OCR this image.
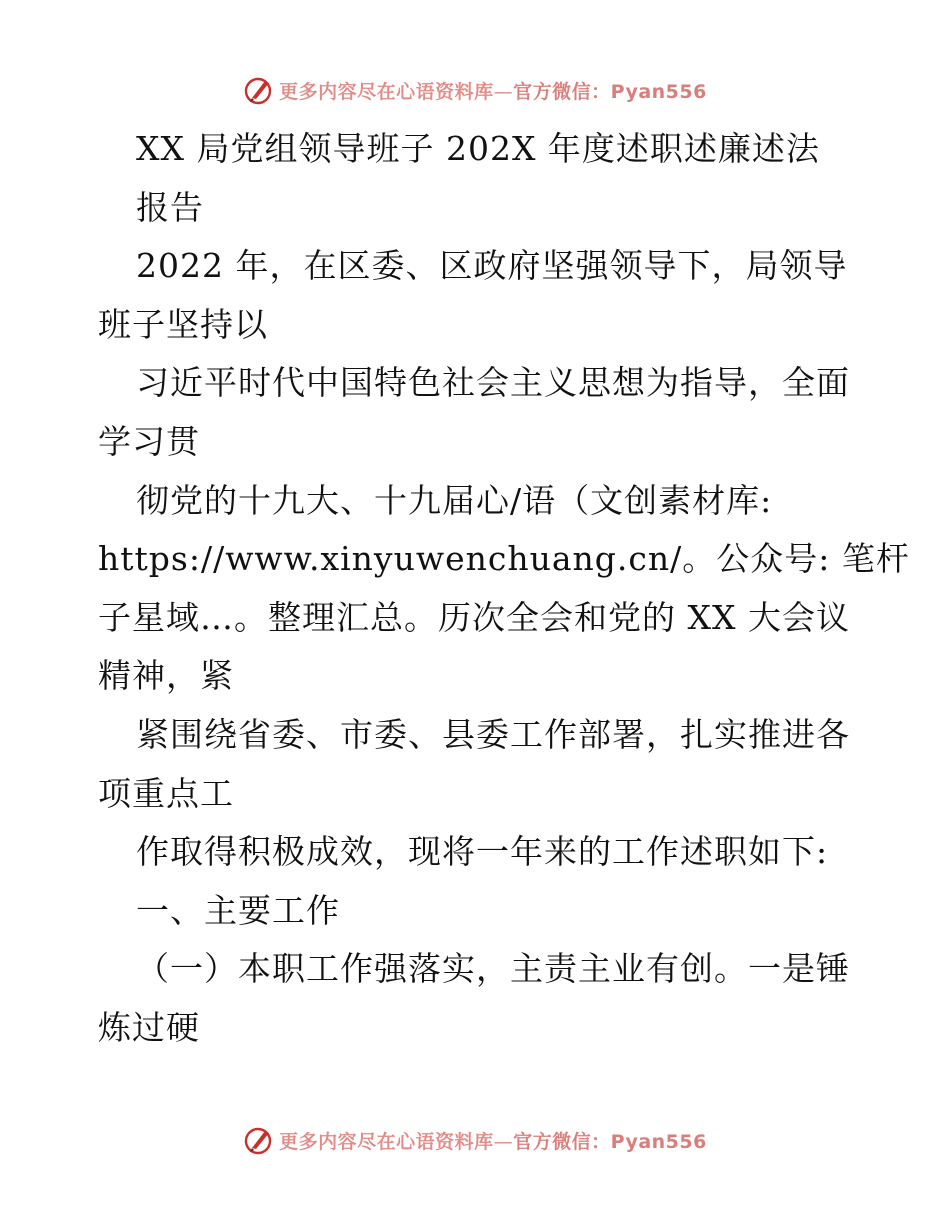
更多内容尽在心语资料库—官方微信：Pyan556
XX 局党组领导班子 202X 年度述职述廉述法
报告
2022 年，在区委、区政府坚强领导下，局领导
班子坚持以
习近平时代中国特色社会主义思想为指导，全面
学习贯
彻党的十九大、十九届心/语（文创素材库:
https://www.xinyuwenchuang.cn/。公众号: 笔杆
子星域…。整理汇总。历次全会和党的 XX 大会议
精神，紧
紧围绕省委、市委、县委工作部署，扎实推进各
项重点工
作取得积极成效，现将一年来的工作述职如下:
一、主要工作
（一）本职工作强落实，主责主业有创。一是锤
炼过硬
更多内容尽在心语资料库—官方微信：Pyan556
